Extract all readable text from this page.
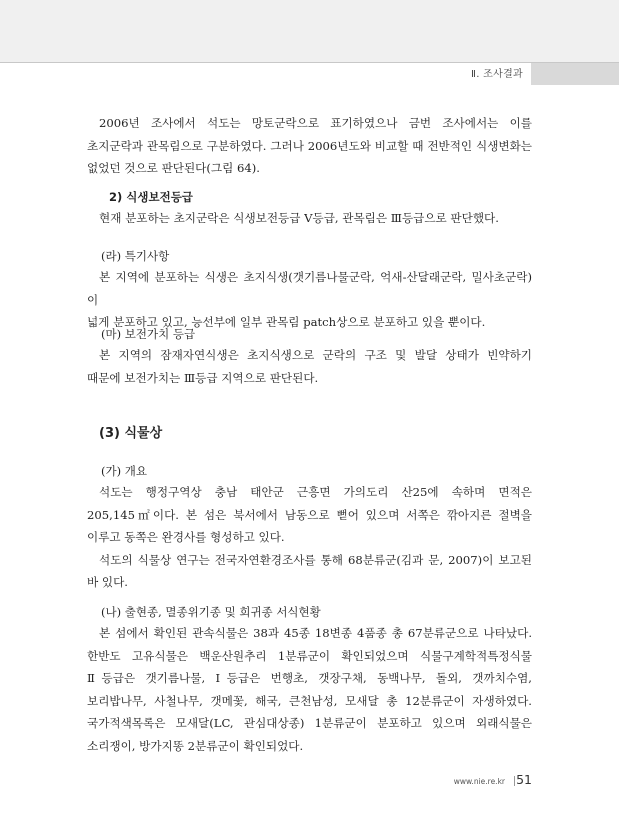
Ⅱ. 조사결과

2006년 조사에서 석도는 망토군락으로 표기하였으나 금번 조사에서는 이를

초지군락과 관목림으로 구분하였다. 그러나 2006년도와 비교할 때 전반적인 식생변화는

없었던 것으로 판단된다(그림 64).

2) 식생보전등급

현재 분포하는 초지군락은 식생보전등급 Ⅴ등급, 관목림은 Ⅲ등급으로 판단했다.

(라) 특기사항

본 지역에 분포하는 식생은 초지식생(갯기름나물군락, 억새-산달래군락, 밀사초군락)이

넓게 분포하고 있고, 능선부에 일부 관목림 patch상으로 분포하고 있을 뿐이다.

(마) 보전가치 등급

본 지역의 잠재자연식생은 초지식생으로 군락의 구조 및 발달 상태가 빈약하기

때문에 보전가치는 Ⅲ등급 지역으로 판단된다.

(3) 식물상
(가) 개요

석도는 행정구역상 충남 태안군 근흥면 가의도리 산25에 속하며 면적은

205,145㎡이다. 본 섬은 북서에서 남동으로 뻗어 있으며 서쪽은 깎아지른 절벽을

이루고 동쪽은 완경사를 형성하고 있다.

석도의 식물상 연구는 전국자연환경조사를 통해 68분류군(김과 문, 2007)이 보고된

바 있다.

(나) 출현종, 멸종위기종 및 희귀종 서식현황

본 섬에서 확인된 관속식물은 38과 45종 18변종 4품종 총 67분류군으로 나타났다.

한반도 고유식물은 백운산원추리 1분류군이 확인되었으며 식물구계학적특정식물

Ⅱ등급은 갯기름나물, Ⅰ등급은 번행초, 갯장구채, 동백나무, 돌외, 갯까치수염,

보리밥나무, 사철나무, 갯메꽃, 해국, 큰천남성, 모새달 총 12분류군이 자생하였다.

국가적색목록은 모새달(LC, 관심대상종) 1분류군이 분포하고 있으며 외래식물은

소리쟁이, 방가지똥 2분류군이 확인되었다.

www.nie.re.kr 51
